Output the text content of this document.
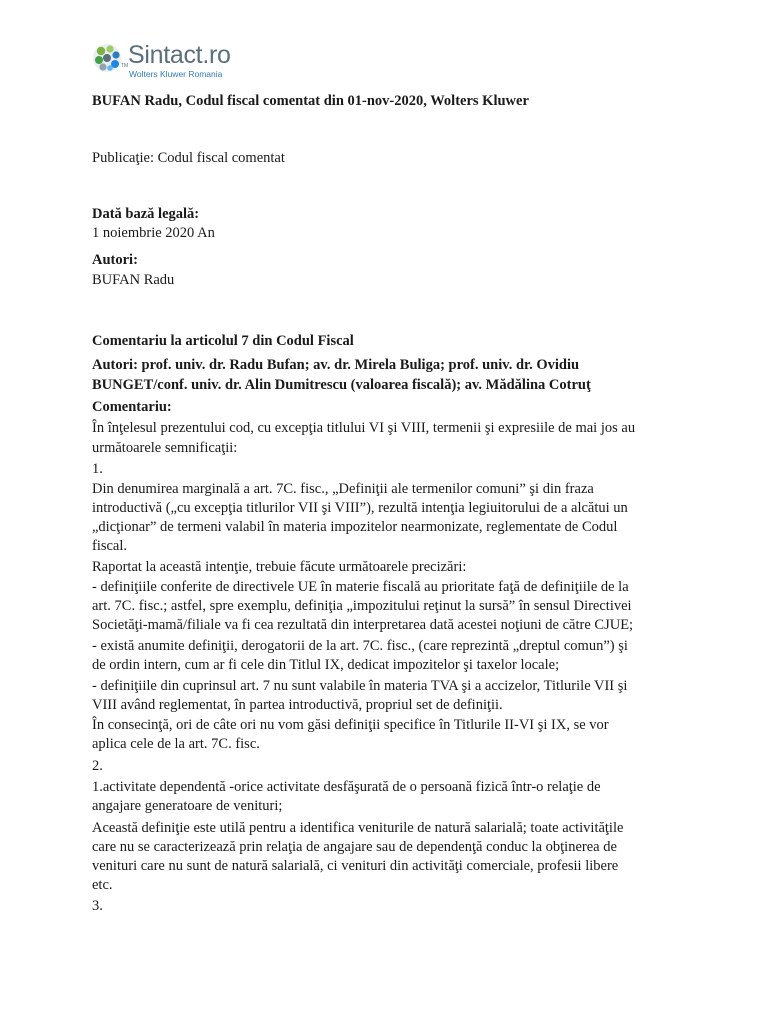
TM Sintact.ro
Wolters Kluwer Romania
BUFAN Radu, Codul fiscal comentat din 01-nov-2020, Wolters Kluwer
Publicaţie: Codul fiscal comentat
Dată bază legală:
1 noiembrie 2020 An
Autori:
BUFAN Radu
Comentariu la articolul 7 din Codul Fiscal
Autori: prof. univ. dr. Radu Bufan; av. dr. Mirela Buliga; prof. univ. dr. Ovidiu
BUNGET/conf. univ. dr. Alin Dumitrescu (valoarea fiscală); av. Mădălina Cotruţ
Comentariu:
În înţelesul prezentului cod, cu excepţia titlului VI şi VIII, termenii şi expresiile de mai jos au
următoarele semnificaţii:
1.
Din denumirea marginală a art. 7C. fisc., „Definiţii ale termenilor comuni” şi din fraza
introductivă („cu excepţia titlurilor VII şi VIII”), rezultă intenţia legiuitorului de a alcătui un
„dicţionar” de termeni valabil în materia impozitelor nearmonizate, reglementate de Codul
fiscal.
Raportat la această intenţie, trebuie făcute următoarele precizări:
- definiţiile conferite de directivele UE în materie fiscală au prioritate faţă de definiţiile de la
art. 7C. fisc.; astfel, spre exemplu, definiţia „impozitului reţinut la sursă” în sensul Directivei
Societăţi-mamă/filiale va fi cea rezultată din interpretarea dată acestei noţiuni de către CJUE;
- există anumite definiţii, derogatorii de la art. 7C. fisc., (care reprezintă „dreptul comun”) şi
de ordin intern, cum ar fi cele din Titlul IX, dedicat impozitelor şi taxelor locale;
- definiţiile din cuprinsul art. 7 nu sunt valabile în materia TVA şi a accizelor, Titlurile VII şi
VIII având reglementat, în partea introductivă, propriul set de definiţii.
În consecinţă, ori de câte ori nu vom găsi definiţii specifice în Titlurile II-VI şi IX, se vor
aplica cele de la art. 7C. fisc.
2.
1.activitate dependentă -orice activitate desfăşurată de o persoană fizică într-o relaţie de
angajare generatoare de venituri;
Această definiţie este utilă pentru a identifica veniturile de natură salarială; toate activităţile
care nu se caracterizează prin relaţia de angajare sau de dependenţă conduc la obţinerea de
venituri care nu sunt de natură salarială, ci venituri din activităţi comerciale, profesii libere
etc.
3.
